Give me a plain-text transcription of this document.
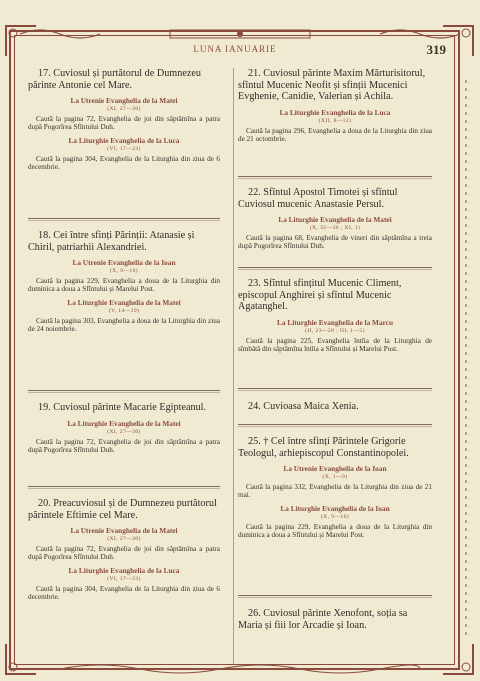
LUNA IANUARIE	319

17. Cuviosul și purtătorul de Dumnezeu părinte Antonie cel Mare.

La Utrenie Evanghelia de la Matei
(XI, 27—30)

Caută la pagina 72, Evanghelia de joi din săptămîna a patra după Pogorîrea Sfîntului Duh.

La Liturghie Evanghelia de la Luca
(VI, 17—23)

Caută la pagina 304, Evanghelia de la Liturghia din ziua de 6 decembrie.

18. Cei între sfinți Părinții: Atanasie și Chiril, patriarhii Alexandriei.

La Utrenie Evanghelia de la Ioan
(X, 9—16)

Caută la pagina 229, Evanghelia a doua de la Liturghia din duminica a doua a Sfîntului și Marelui Post.

La Liturghie Evanghelia de la Matei
(V, 14—19)

Caută la pagina 303, Evanghelia a doua de la Liturghia din ziua de 24 noiembrie.

19. Cuviosul părinte Macarie Egipteanul.

La Liturghie Evanghelia de la Matei
(XI, 27—30)

Caută la pagina 72, Evanghelia de joi din săptămîna a patra după Pogorîrea Sfîntului Duh.

20. Preacuviosul și de Dumnezeu purtătorul părintele Eftimie cel Mare.

La Utrenie Evanghelia de la Matei
(XI, 27—30)

Caută la pagina 72, Evanghelia de joi din săptămîna a patra după Pogorîrea Sfîntului Duh.

La Liturghie Evanghelia de la Luca
(VI, 17—23)

Caută la pagina 304, Evanghelia de la Liturghia din ziua de 6 decembrie.

21. Cuviosul părinte Maxim Mărturisitorul, sfîntul Mucenic Neofit și sfinții Mucenici Evghenie, Canidie, Valerian și Achila.

La Liturghie Evanghelia de la Luca
(XII, 8—12)

Caută la pagina 296, Evanghelia a doua de la Liturghia din ziua de 21 octombrie.

22. Sfîntul Apostol Timotei și sfîntul Cuviosul mucenic Anastasie Persul.

La Liturghie Evanghelia de la Matei
(X, 32—36 ; XI, 1)

Caută la pagina 68, Evanghelia de vineri din săptămîna a treia după Pogorîrea Sfîntului Duh.

23. Sfîntul sfințitul Mucenic Climent, episcopul Anghirei și sfîntul Mucenic Agatanghel.

La Liturghie Evanghelia de la Marcu
(II, 23—28 ; III, 1—5)

Caută la pagina 225, Evanghelia întîia de la Liturghia de sîmbătă din săptămîna întîia a Sfîntului și Marelui Post.

24. Cuvioasa Maica Xenia.

25. † Cel între sfinți Părintele Grigorie Teologul, arhiepiscopul Constantinopolei.

La Utrenie Evanghelia de la Ioan
(X, 1—9)

Caută la pagina 332, Evanghelia de la Liturghia din ziua de 21 mai.

La Liturghie Evanghelia de la Ioan
(X, 9—16)

Caută la pagina 229, Evanghelia a doua de la Liturghia din duminica a doua a Sfîntului și Marelui Post.

26. Cuviosul părinte Xenofont, soția sa Maria și fiii lor Arcadie și Ioan.
